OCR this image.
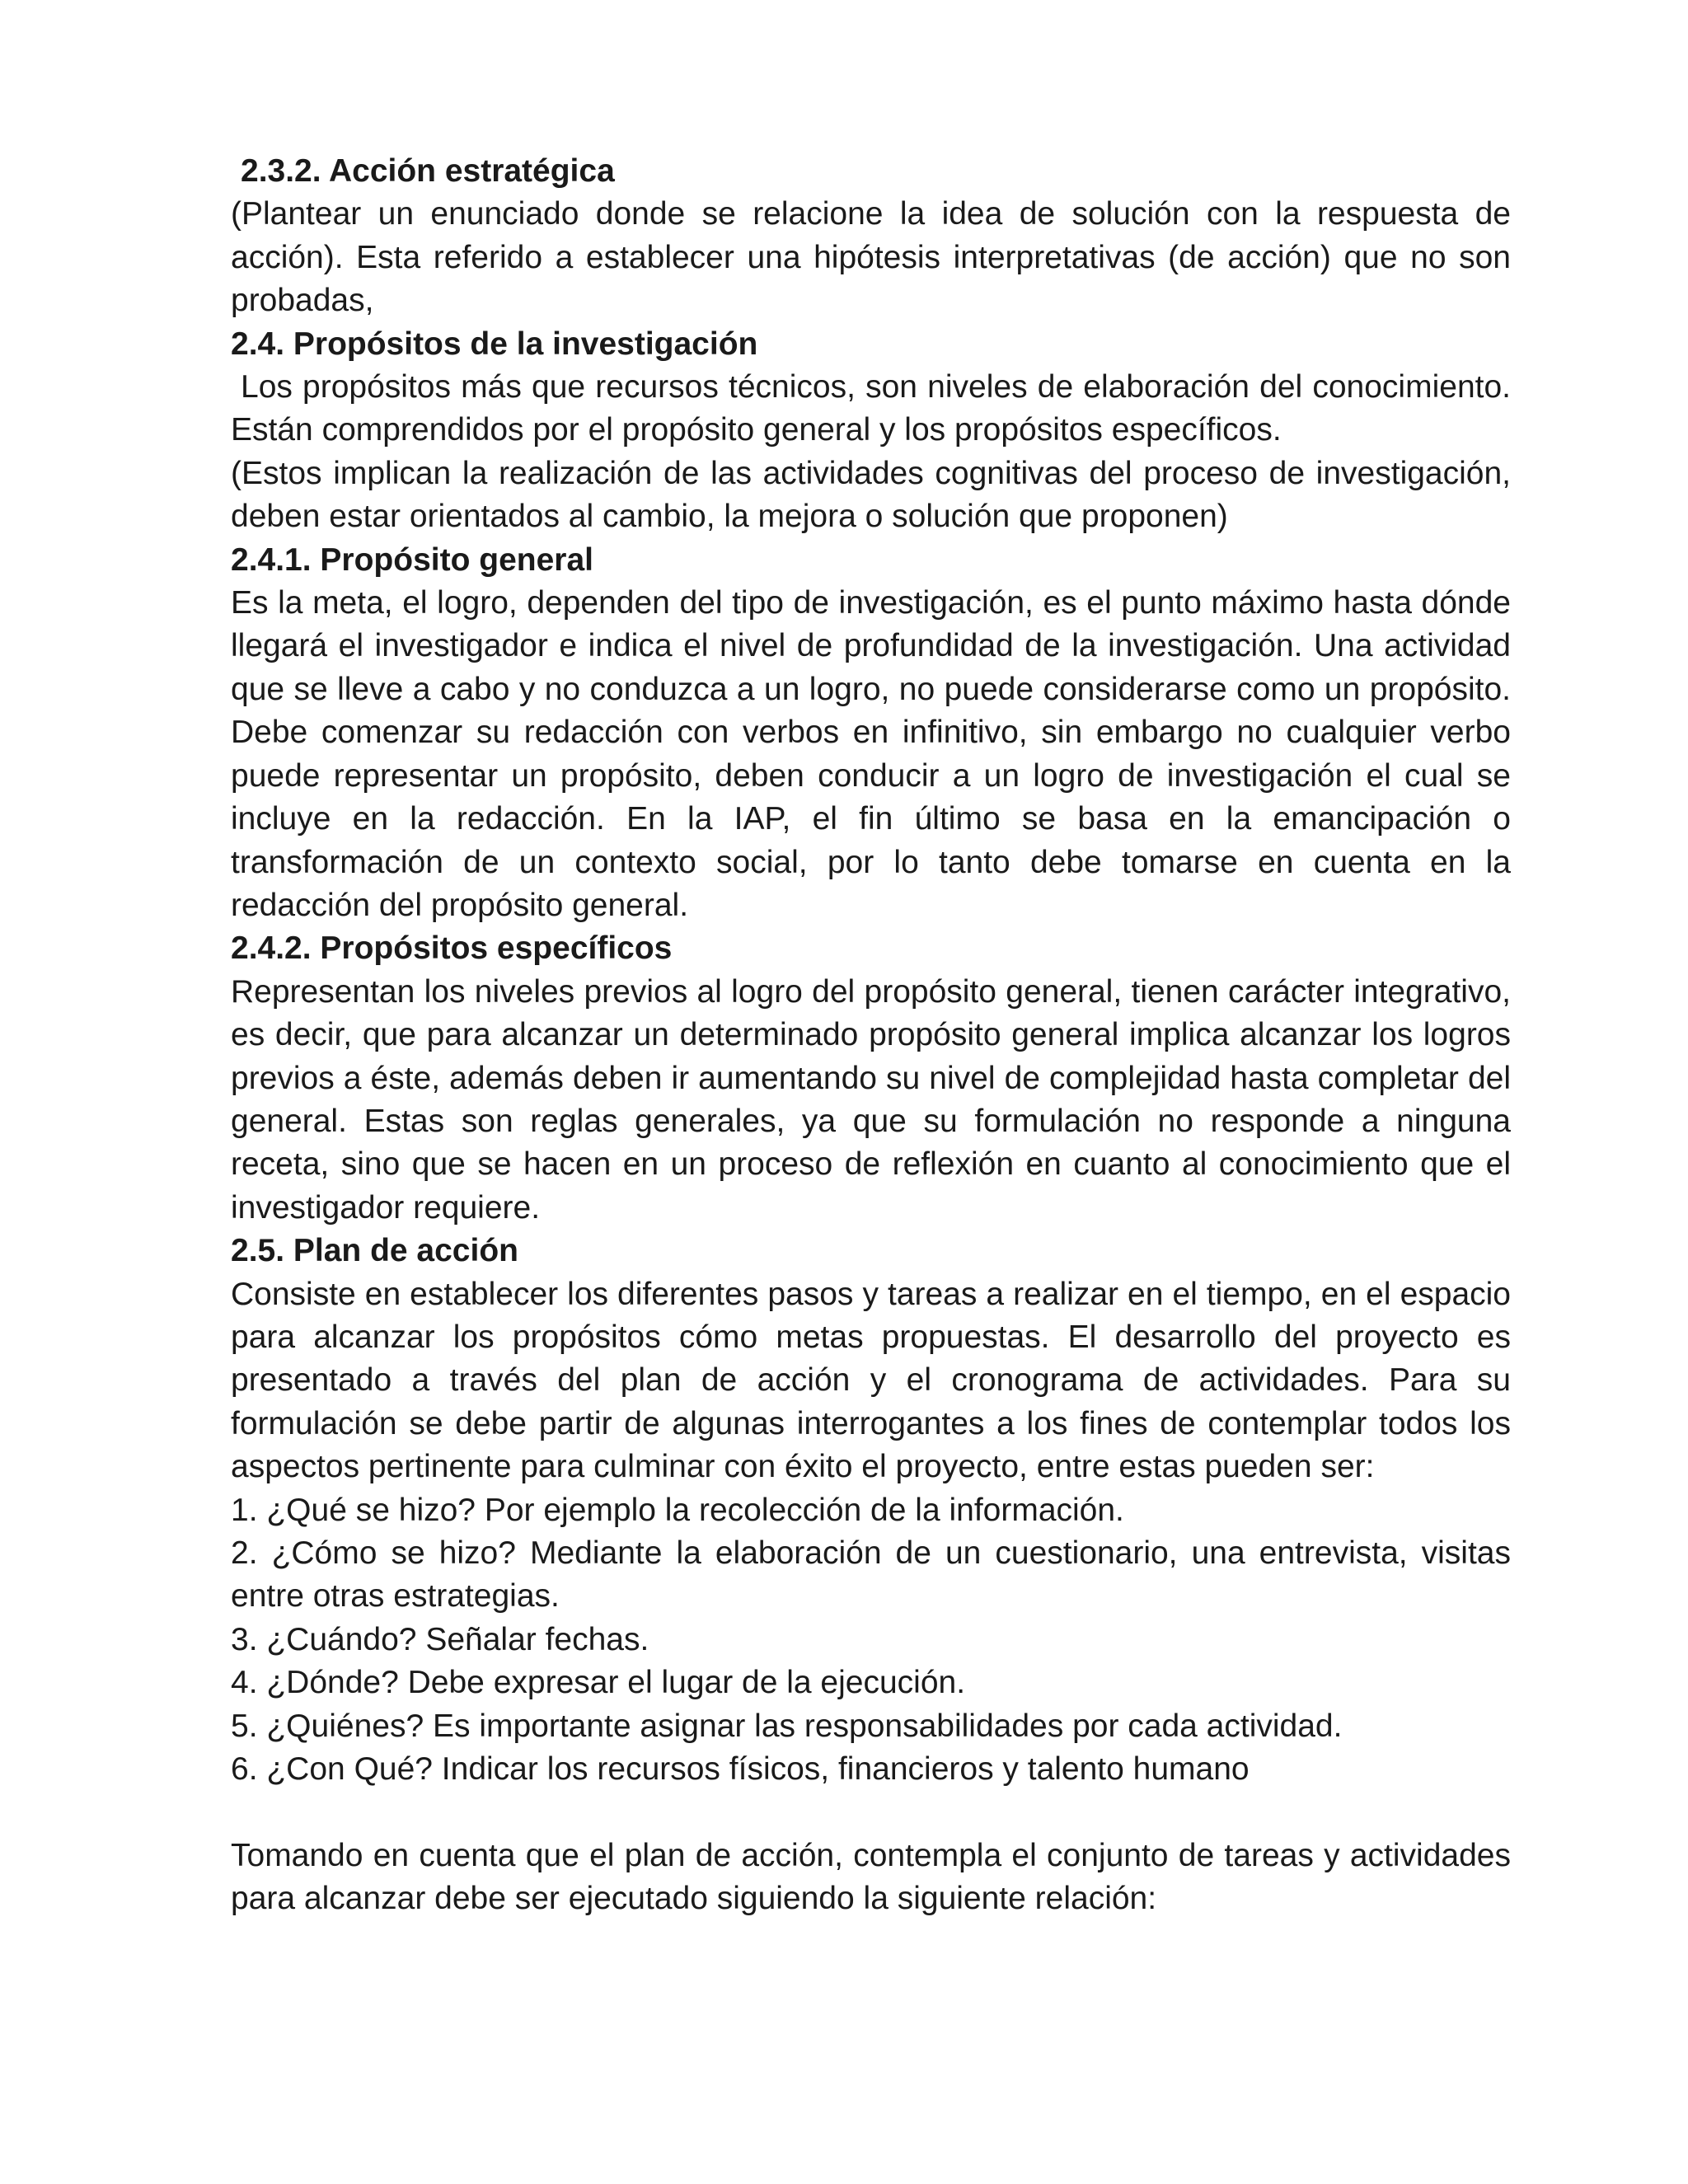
2.3.2. Acción estratégica

(Plantear un enunciado donde se relacione la idea de solución con la respuesta de acción). Esta referido a establecer una hipótesis interpretativas (de acción) que no son probadas,

2.4. Propósitos de la investigación

Los propósitos más que recursos técnicos, son niveles de elaboración del conocimiento. Están comprendidos por el propósito general y los propósitos específicos.

(Estos implican la realización de las actividades cognitivas del proceso de investigación, deben estar orientados al cambio, la mejora o solución que proponen)

2.4.1. Propósito general

Es la meta, el logro, dependen del tipo de investigación, es el punto máximo hasta dónde llegará el investigador e indica el nivel de profundidad de la investigación. Una actividad que se lleve a cabo y no conduzca a un logro, no puede considerarse como un propósito. Debe comenzar su redacción con verbos en infinitivo, sin embargo no cualquier verbo puede representar un propósito, deben conducir a un logro de investigación el cual se incluye en la redacción. En la IAP, el fin último se basa en la emancipación o transformación de un contexto social, por lo tanto debe tomarse en cuenta en la redacción del propósito general.

2.4.2. Propósitos específicos

Representan los niveles previos al logro del propósito general, tienen carácter integrativo, es decir, que para alcanzar un determinado propósito general implica alcanzar los logros previos a éste, además deben ir aumentando su nivel de complejidad hasta completar del general. Estas son reglas generales, ya que su formulación no responde a ninguna receta, sino que se hacen en un proceso de reflexión en cuanto al conocimiento que el investigador requiere.

2.5. Plan de acción

Consiste en establecer los diferentes pasos y tareas a realizar en el tiempo, en el espacio para alcanzar los propósitos cómo metas propuestas. El desarrollo del proyecto es presentado a través del plan de acción y el cronograma de actividades. Para su formulación se debe partir de algunas interrogantes a los fines de contemplar todos los aspectos pertinente para culminar con éxito el proyecto, entre estas pueden ser:

1. ¿Qué se hizo? Por ejemplo la recolección de la información.

2. ¿Cómo se hizo? Mediante la elaboración de un cuestionario, una entrevista, visitas entre otras estrategias.

3. ¿Cuándo? Señalar fechas.

4. ¿Dónde? Debe expresar el lugar de la ejecución.

5. ¿Quiénes? Es importante asignar las responsabilidades por cada actividad.

6. ¿Con Qué? Indicar los recursos físicos, financieros y talento humano

Tomando en cuenta que el plan de acción, contempla el conjunto de tareas y actividades para alcanzar debe ser ejecutado siguiendo la siguiente relación:
